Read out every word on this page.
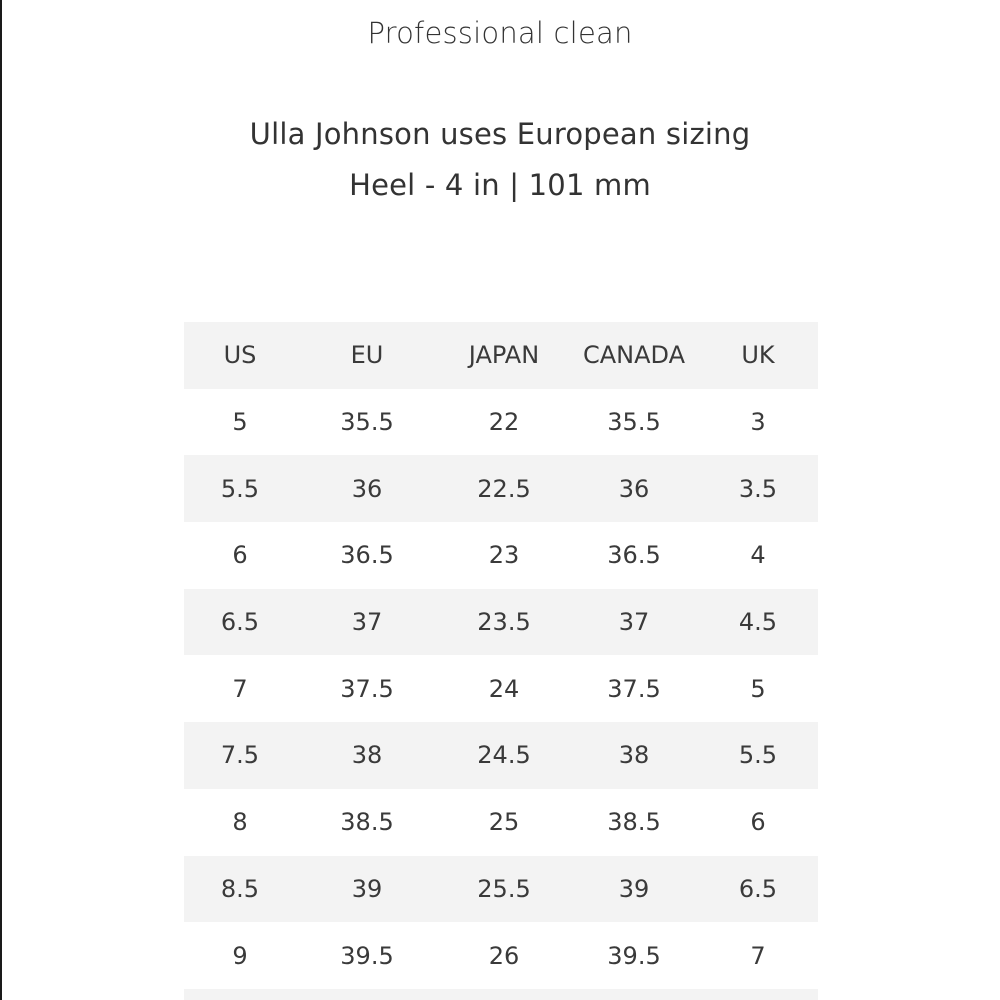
Professional clean
Ulla Johnson uses European sizing
Heel - 4 in | 101 mm
US	EU	JAPAN	CANADA	UK
5	35.5	22	35.5	3
5.5	36	22.5	36	3.5
6	36.5	23	36.5	4
6.5	37	23.5	37	4.5
7	37.5	24	37.5	5
7.5	38	24.5	38	5.5
8	38.5	25	38.5	6
8.5	39	25.5	39	6.5
9	39.5	26	39.5	7
